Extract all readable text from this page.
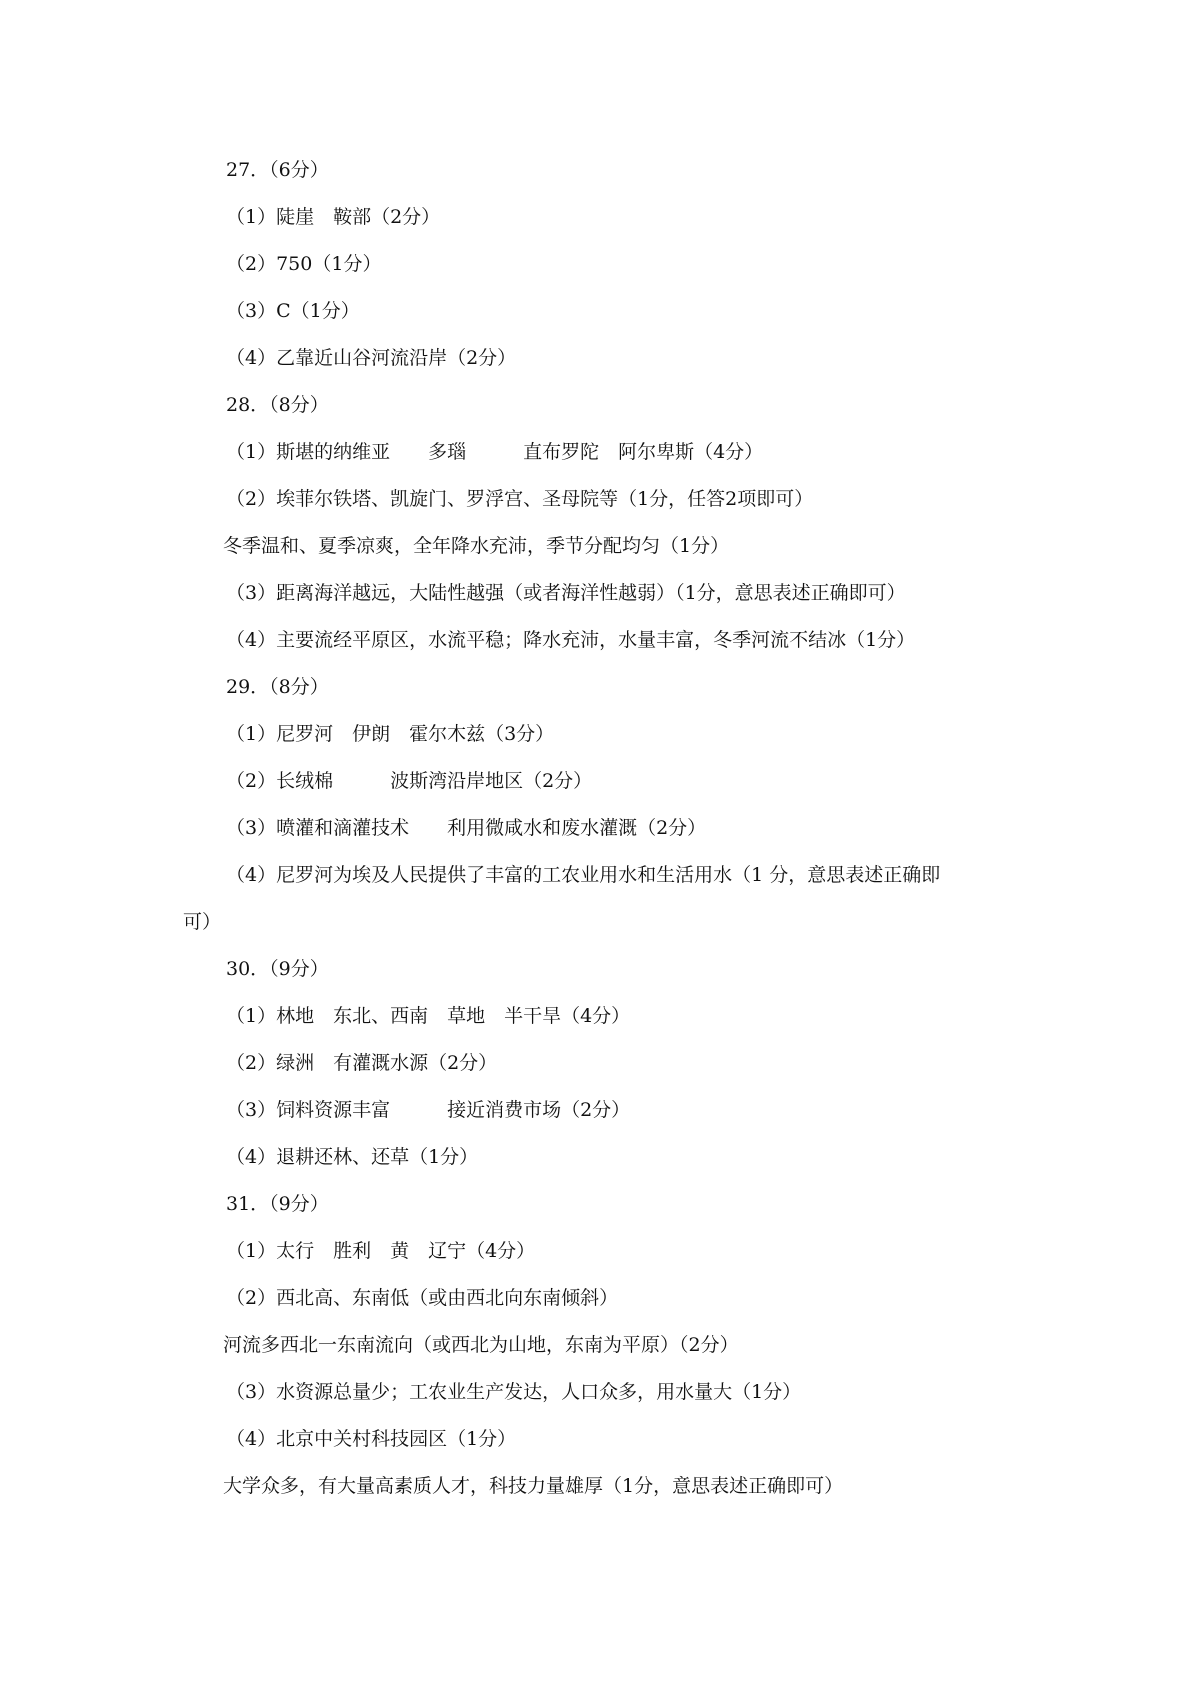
27．（6分）
（1）陡崖　鞍部（2分）
（2）750（1分）
（3）C（1分）
（4）乙靠近山谷河流沿岸（2分）
28．（8分）
（1）斯堪的纳维亚　　多瑙　　　直布罗陀　阿尔卑斯（4分）
（2）埃菲尔铁塔、凯旋门、罗浮宫、圣母院等（1分，任答2项即可）
冬季温和、夏季凉爽，全年降水充沛，季节分配均匀（1分）
（3）距离海洋越远，大陆性越强（或者海洋性越弱）（1分，意思表述正确即可）
（4）主要流经平原区，水流平稳；降水充沛，水量丰富，冬季河流不结冰（1分）
29．（8分）
（1）尼罗河　伊朗　霍尔木兹（3分）
（2）长绒棉　　　波斯湾沿岸地区（2分）
（3）喷灌和滴灌技术　　利用微咸水和废水灌溉（2分）
（4）尼罗河为埃及人民提供了丰富的工农业用水和生活用水（1 分，意思表述正确即
可）
30．（9分）
（1）林地　东北、西南　草地　半干旱（4分）
（2）绿洲　有灌溉水源（2分）
（3）饲料资源丰富　　　接近消费市场（2分）
（4）退耕还林、还草（1分）
31．（9分）
（1）太行　胜利　黄　辽宁（4分）
（2）西北高、东南低（或由西北向东南倾斜）
河流多西北一东南流向（或西北为山地，东南为平原）（2分）
（3）水资源总量少；工农业生产发达，人口众多，用水量大（1分）
（4）北京中关村科技园区（1分）
大学众多，有大量高素质人才，科技力量雄厚（1分，意思表述正确即可）
